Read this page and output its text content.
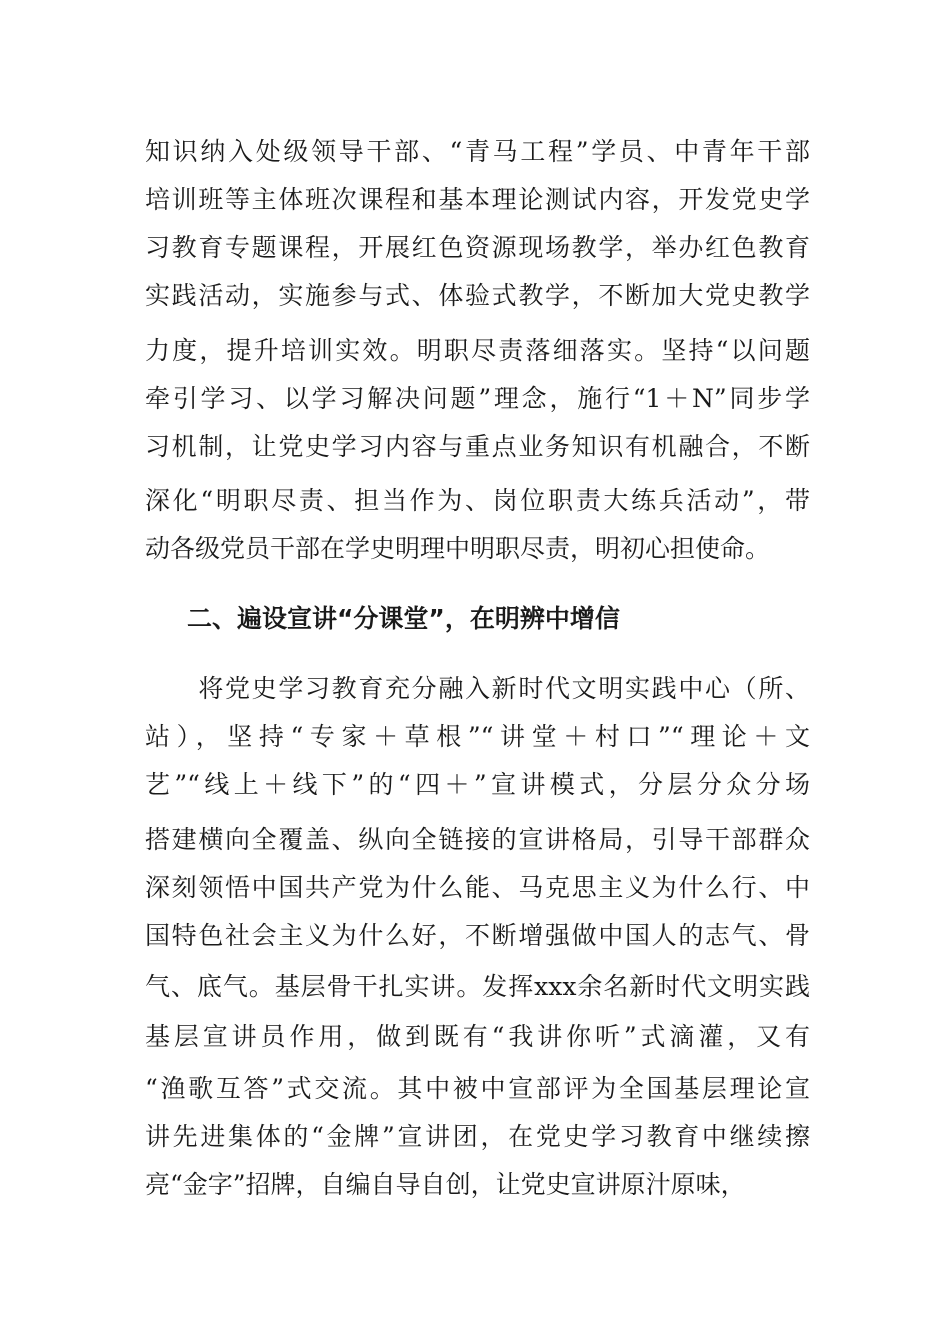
知识纳入处级领导干部、“青马工程”学员、中青年干部
培训班等主体班次课程和基本理论测试内容，开发党史学
习教育专题课程，开展红色资源现场教学，举办红色教育
实践活动，实施参与式、体验式教学，不断加大党史教学
力度，提升培训实效。明职尽责落细落实。坚持“以问题
牵引学习、以学习解决问题”理念，施行“1＋N”同步学
习机制，让党史学习内容与重点业务知识有机融合，不断
深化“明职尽责、担当作为、岗位职责大练兵活动”，带
动各级党员干部在学史明理中明职尽责，明初心担使命。
二、遍设宣讲“分课堂”，在明辨中增信
　　将党史学习教育充分融入新时代文明实践中心（所、
站），坚持“专家＋草根”“讲堂＋村口”“理论＋文
艺”“线上＋线下”的“四＋”宣讲模式，分层分众分场
搭建横向全覆盖、纵向全链接的宣讲格局，引导干部群众
深刻领悟中国共产党为什么能、马克思主义为什么行、中
国特色社会主义为什么好，不断增强做中国人的志气、骨
气、底气。基层骨干扎实讲。发挥xxx余名新时代文明实践
基层宣讲员作用，做到既有“我讲你听”式滴灌，又有
“渔歌互答”式交流。其中被中宣部评为全国基层理论宣
讲先进集体的“金牌”宣讲团，在党史学习教育中继续擦
亮“金字”招牌，自编自导自创，让党史宣讲原汁原味，
